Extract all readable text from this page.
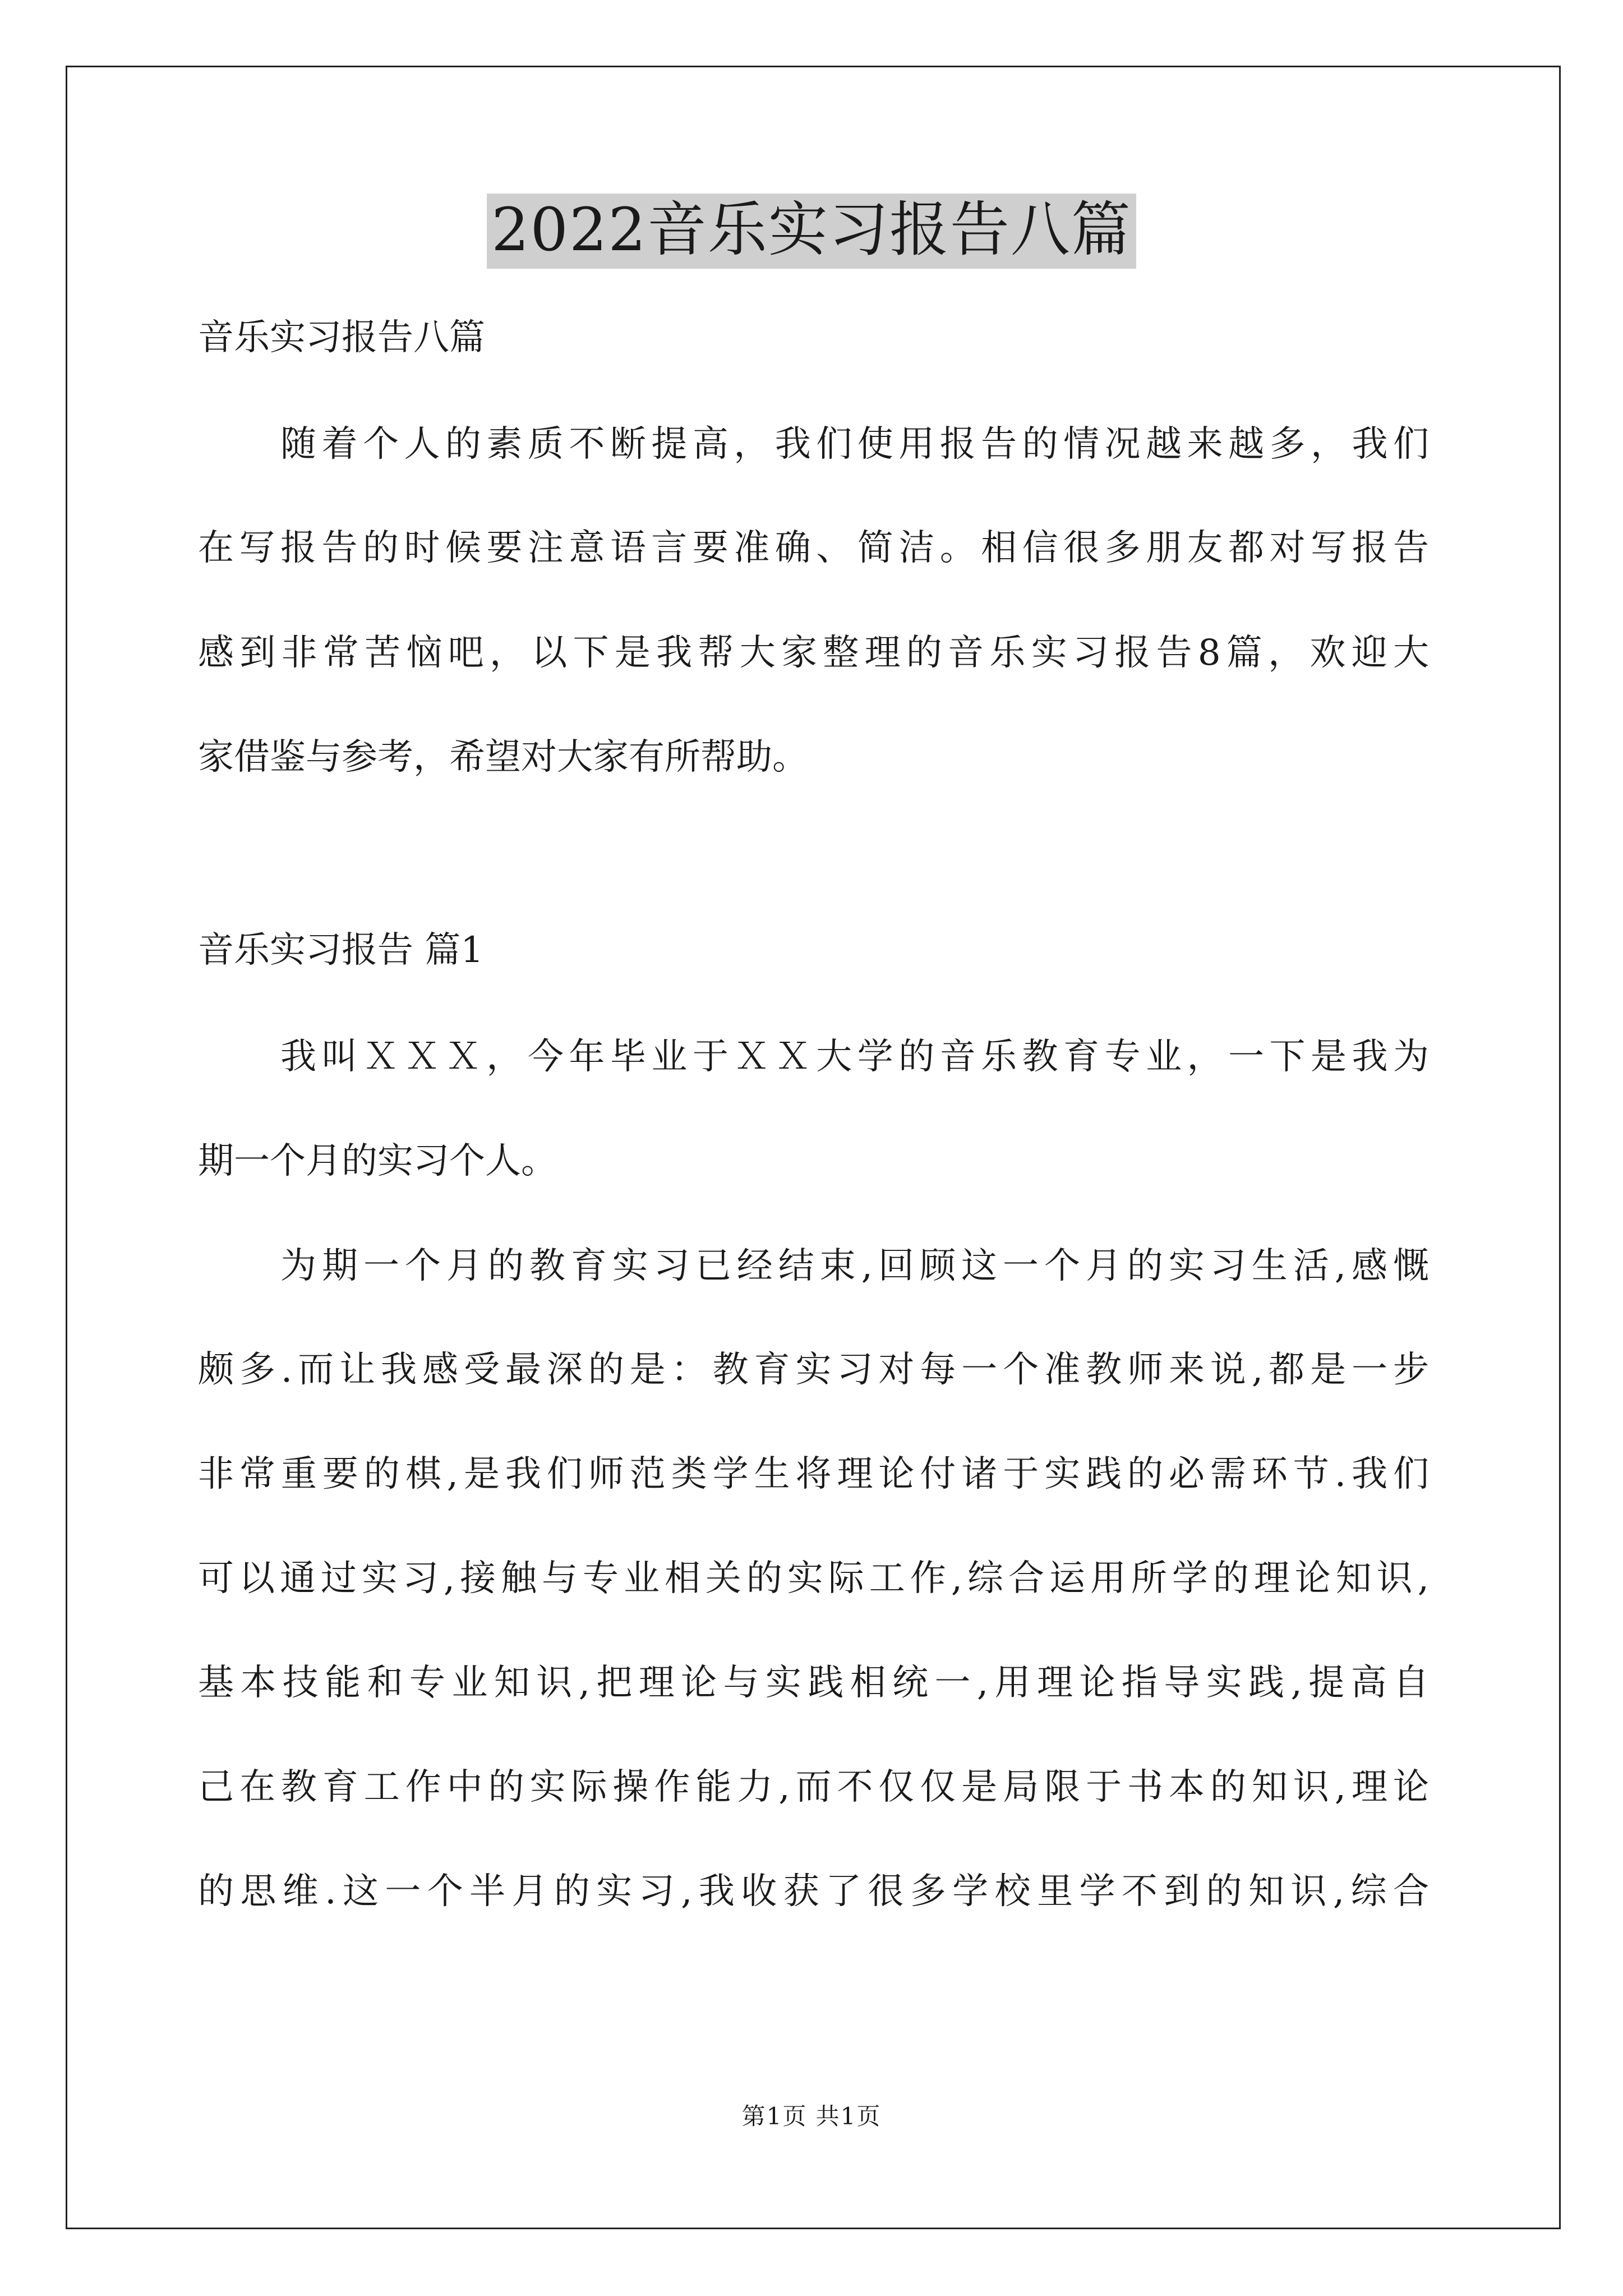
2022音乐实习报告八篇
音乐实习报告八篇
随着个人的素质不断提高，我们使用报告的情况越来越多，我们
在写报告的时候要注意语言要准确、简洁。相信很多朋友都对写报告
感到非常苦恼吧，以下是我帮大家整理的音乐实习报告8篇，欢迎大
家借鉴与参考，希望对大家有所帮助。
音乐实习报告 篇1
我叫ＸＸＸ，今年毕业于ＸＸ大学的音乐教育专业，一下是我为
期一个月的实习个人。
为期一个月的教育实习已经结束,回顾这一个月的实习生活,感慨
颇多.而让我感受最深的是：教育实习对每一个准教师来说,都是一步
非常重要的棋,是我们师范类学生将理论付诸于实践的必需环节.我们
可以通过实习,接触与专业相关的实际工作,综合运用所学的理论知识,
基本技能和专业知识,把理论与实践相统一,用理论指导实践,提高自
己在教育工作中的实际操作能力,而不仅仅是局限于书本的知识,理论
的思维.这一个半月的实习,我收获了很多学校里学不到的知识,综合
第1页 共1页
